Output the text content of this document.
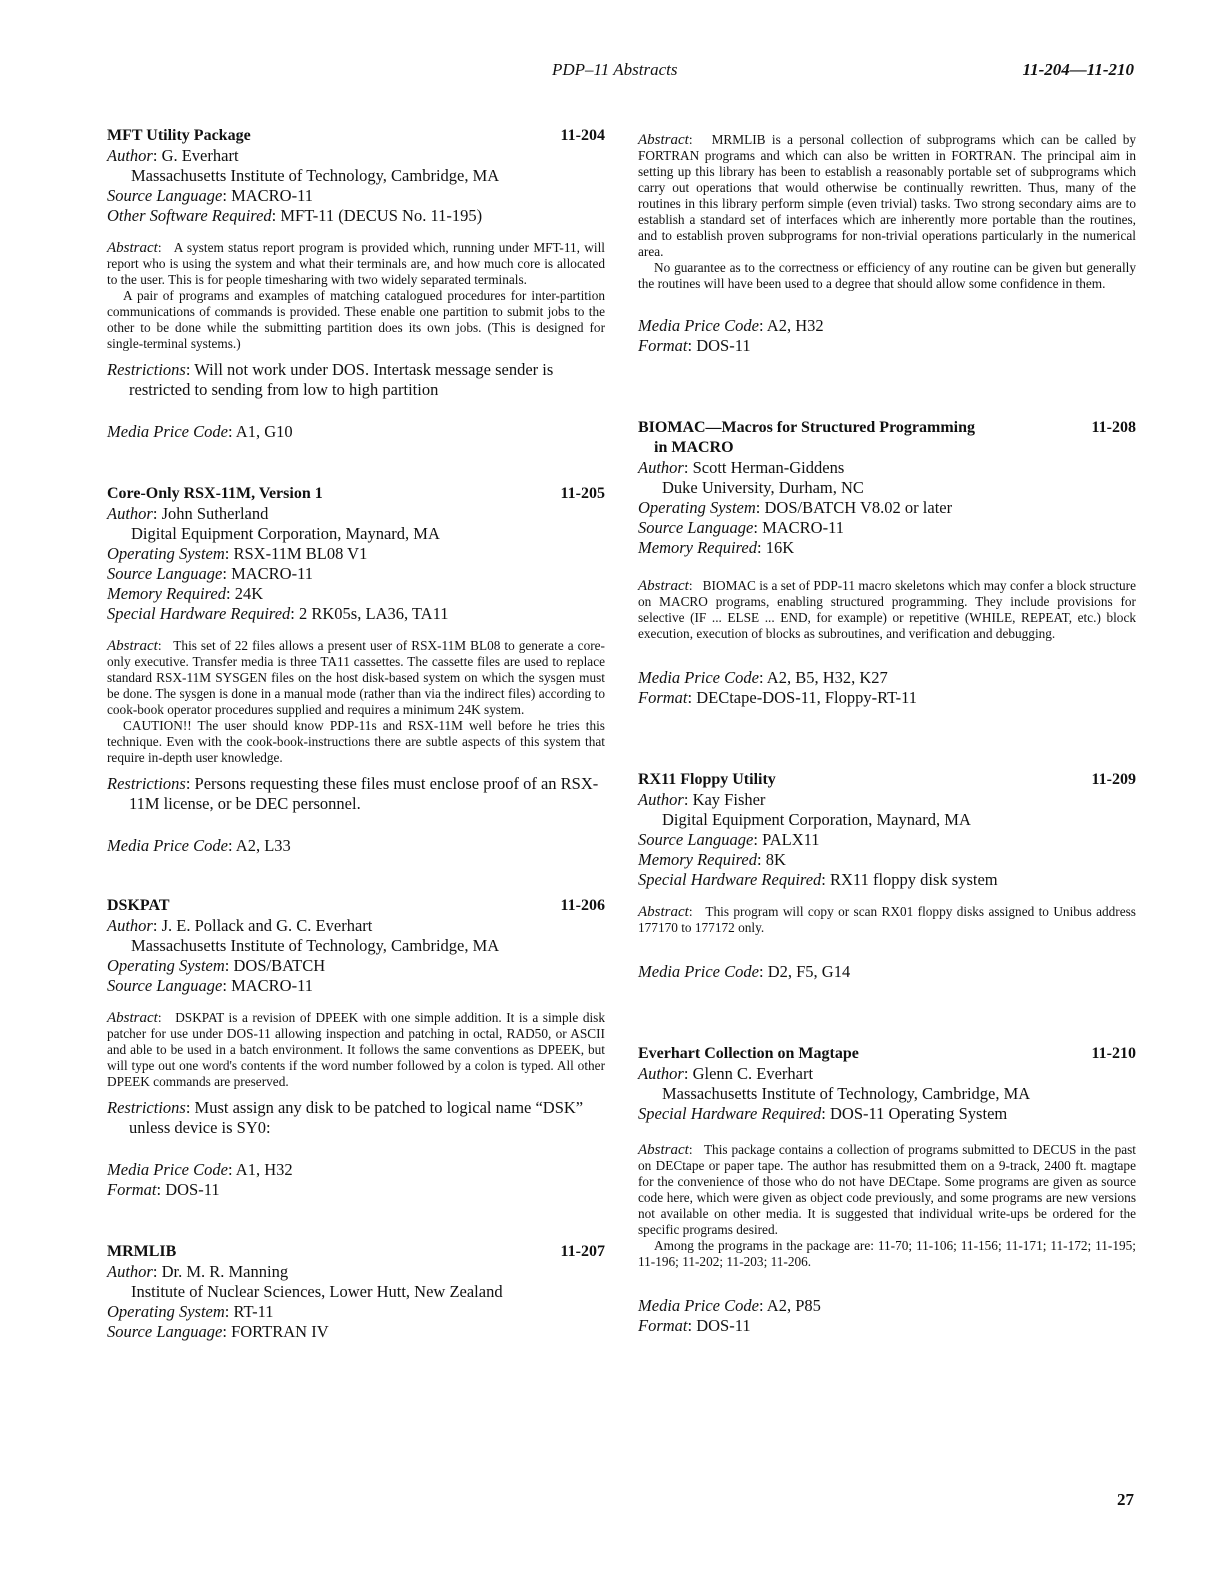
PDP–11 Abstracts	11-204—11-210
MFT Utility Package	11-204
Author: G. Everhart
Massachusetts Institute of Technology, Cambridge, MA
Source Language: MACRO-11
Other Software Required: MFT-11 (DECUS No. 11-195)

Abstract:   A system status report program is provided which, running under MFT-11, will report who is using the system and what their terminals are, and how much core is allocated to the user. This is for people timesharing with two widely separated terminals.

A pair of programs and examples of matching catalogued procedures for inter-partition communications of commands is provided. These enable one partition to submit jobs to the other to be done while the submitting partition does its own jobs. (This is designed for single-terminal systems.)

Restrictions: Will not work under DOS. Intertask message sender is restricted to sending from low to high partition
Media Price Code: A1, G10
Core-Only RSX-11M, Version 1	11-205
Author: John Sutherland
Digital Equipment Corporation, Maynard, MA
Operating System: RSX-11M BL08 V1
Source Language: MACRO-11
Memory Required: 24K
Special Hardware Required: 2 RK05s, LA36, TA11

Abstract:   This set of 22 files allows a present user of RSX-11M BL08 to generate a core-only executive. Transfer media is three TA11 cassettes. The cassette files are used to replace standard RSX-11M SYSGEN files on the host disk-based system on which the sysgen must be done. The sysgen is done in a manual mode (rather than via the indirect files) according to cook-book operator procedures supplied and requires a minimum 24K system.

CAUTION!! The user should know PDP-11s and RSX-11M well before he tries this technique. Even with the cook-book-instructions there are subtle aspects of this system that require in-depth user knowledge.

Restrictions: Persons requesting these files must enclose proof of an RSX-11M license, or be DEC personnel.
Media Price Code: A2, L33
DSKPAT	11-206
Author: J. E. Pollack and G. C. Everhart
Massachusetts Institute of Technology, Cambridge, MA
Operating System: DOS/BATCH
Source Language: MACRO-11

Abstract:   DSKPAT is a revision of DPEEK with one simple addition. It is a simple disk patcher for use under DOS-11 allowing inspection and patching in octal, RAD50, or ASCII and able to be used in a batch environment. It follows the same conventions as DPEEK, but will type out one word's contents if the word number followed by a colon is typed. All other DPEEK commands are preserved.

Restrictions: Must assign any disk to be patched to logical name “DSK” unless device is SY0:
Media Price Code: A1, H32
Format: DOS-11
MRMLIB	11-207
Author: Dr. M. R. Manning
Institute of Nuclear Sciences, Lower Hutt, New Zealand
Operating System: RT-11
Source Language: FORTRAN IV

Abstract:   MRMLIB is a personal collection of subprograms which can be called by FORTRAN programs and which can also be written in FORTRAN. The principal aim in setting up this library has been to establish a reasonably portable set of subprograms which carry out operations that would otherwise be continually rewritten. Thus, many of the routines in this library perform simple (even trivial) tasks. Two strong secondary aims are to establish a standard set of interfaces which are inherently more portable than the routines, and to establish proven subprograms for non-trivial operations particularly in the numerical area.

No guarantee as to the correctness or efficiency of any routine can be given but generally the routines will have been used to a degree that should allow some confidence in them.

Media Price Code: A2, H32
Format: DOS-11
BIOMAC—Macros for Structured Programming
in MACRO
11-208
Author: Scott Herman-Giddens
Duke University, Durham, NC
Operating System: DOS/BATCH V8.02 or later
Source Language: MACRO-11
Memory Required: 16K

Abstract:   BIOMAC is a set of PDP-11 macro skeletons which may confer a block structure on MACRO programs, enabling structured programming. They include provisions for selective (IF ... ELSE ... END, for example) or repetitive (WHILE, REPEAT, etc.) block execution, execution of blocks as subroutines, and verification and debugging.

Media Price Code: A2, B5, H32, K27
Format: DECtape-DOS-11, Floppy-RT-11
RX11 Floppy Utility	11-209
Author: Kay Fisher
Digital Equipment Corporation, Maynard, MA
Source Language: PALX11
Memory Required: 8K
Special Hardware Required: RX11 floppy disk system

Abstract:   This program will copy or scan RX01 floppy disks assigned to Unibus address 177170 to 177172 only.

Media Price Code: D2, F5, G14
Everhart Collection on Magtape	11-210
Author: Glenn C. Everhart
Massachusetts Institute of Technology, Cambridge, MA
Special Hardware Required: DOS-11 Operating System

Abstract:   This package contains a collection of programs submitted to DECUS in the past on DECtape or paper tape. The author has resubmitted them on a 9-track, 2400 ft. magtape for the convenience of those who do not have DECtape. Some programs are given as source code here, which were given as object code previously, and some programs are new versions not available on other media. It is suggested that individual write-ups be ordered for the specific programs desired.

Among the programs in the package are: 11-70; 11-106; 11-156; 11-171; 11-172; 11-195; 11-196; 11-202; 11-203; 11-206.

Media Price Code: A2, P85
Format: DOS-11
27
